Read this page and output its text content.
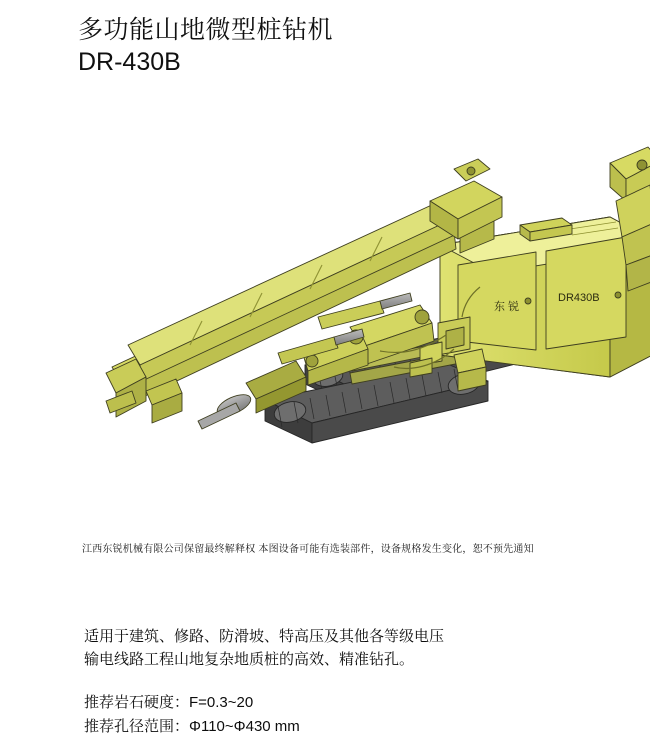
多功能山地微型桩钻机
DR-430B
东 锐
DR430B
江西东锐机械有限公司保留最终解释权 本图设备可能有选装部件，设备规格发生变化，恕不预先通知
适用于建筑、修路、防滑坡、特高压及其他各等级电压
输电线路工程山地复杂地质桩的高效、精准钻孔。
推荐岩石硬度：F=0.3~20
推荐孔径范围：Φ110~Φ430 mm
